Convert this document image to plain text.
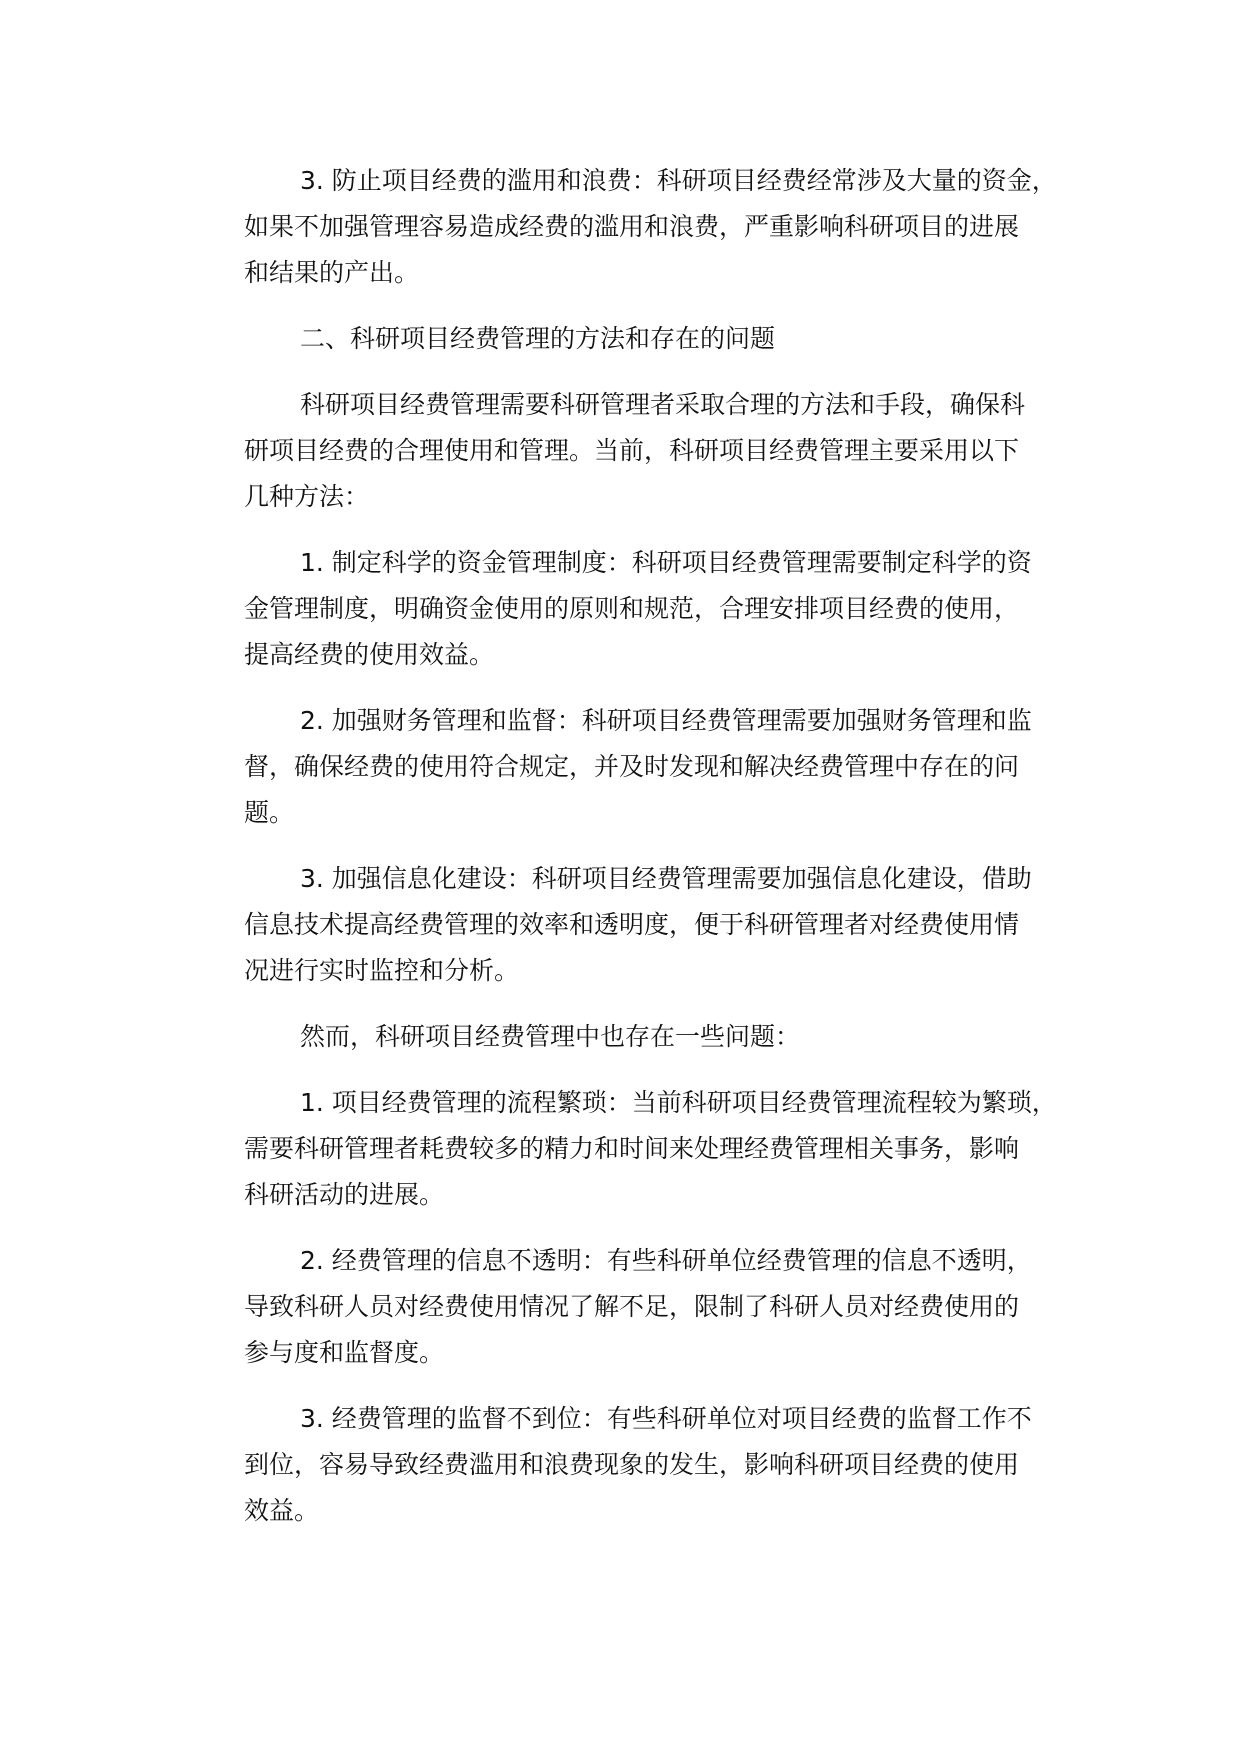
3. 防止项目经费的滥用和浪费：科研项目经费经常涉及大量的资金，
如果不加强管理容易造成经费的滥用和浪费，严重影响科研项目的进展
和结果的产出。

二、科研项目经费管理的方法和存在的问题

科研项目经费管理需要科研管理者采取合理的方法和手段，确保科
研项目经费的合理使用和管理。当前，科研项目经费管理主要采用以下
几种方法：

1. 制定科学的资金管理制度：科研项目经费管理需要制定科学的资
金管理制度，明确资金使用的原则和规范，合理安排项目经费的使用，
提高经费的使用效益。

2. 加强财务管理和监督：科研项目经费管理需要加强财务管理和监
督，确保经费的使用符合规定，并及时发现和解决经费管理中存在的问
题。

3. 加强信息化建设：科研项目经费管理需要加强信息化建设，借助
信息技术提高经费管理的效率和透明度，便于科研管理者对经费使用情
况进行实时监控和分析。

然而，科研项目经费管理中也存在一些问题：

1. 项目经费管理的流程繁琐：当前科研项目经费管理流程较为繁琐，
需要科研管理者耗费较多的精力和时间来处理经费管理相关事务，影响
科研活动的进展。

2. 经费管理的信息不透明：有些科研单位经费管理的信息不透明，
导致科研人员对经费使用情况了解不足，限制了科研人员对经费使用的
参与度和监督度。

3. 经费管理的监督不到位：有些科研单位对项目经费的监督工作不
到位，容易导致经费滥用和浪费现象的发生，影响科研项目经费的使用
效益。
